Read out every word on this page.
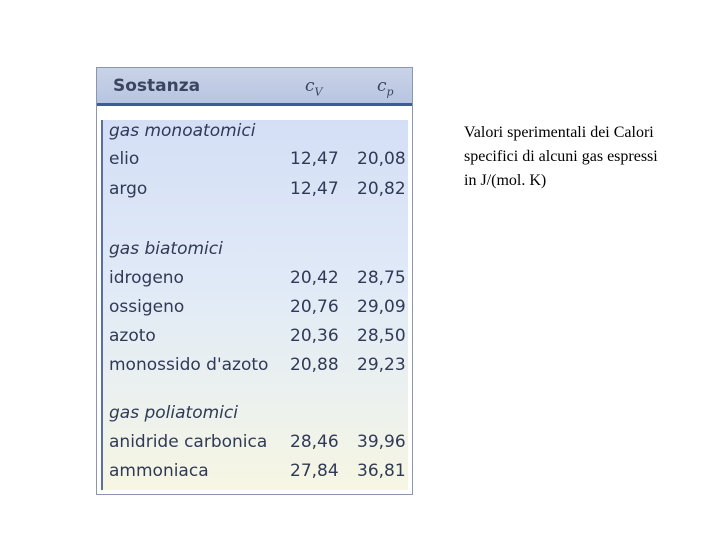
Sostanza	$c_V$	$c_p$
gas monoatomici
elio	12,47 20,08
argo	12,47 20,82
gas biatomici
idrogeno	20,42 28,75
ossigeno	20,76 29,09
azoto	20,36 28,50
monossido d'azoto 20,88 29,23
gas poliatomici
anidride carbonica 28,46 39,96
ammoniaca	27,84 36,81
Valori sperimentali dei Calori specifici di alcuni gas espressi in J/(mol. K)
